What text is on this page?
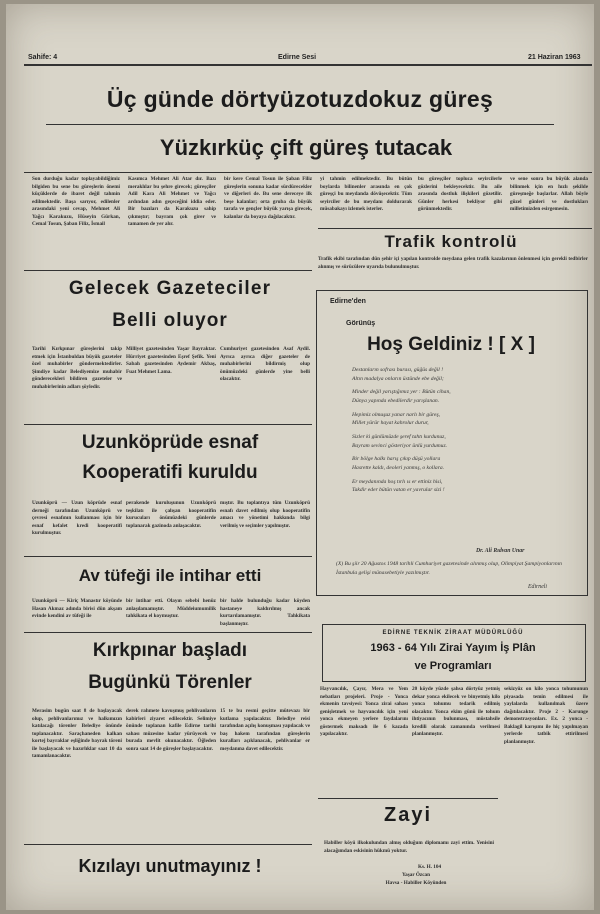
Sahife: 4	Edirne Sesi	21 Haziran 1963
Üç günde dörtyüzotuzdokuz güreş
Yüzkırküç çift güreş tutacak
Son durduğu kadar toplayabildiğimiz bilgiden bu sene bu güreşlerin önemi küçüklerde de ibaret değil tahmin edilmektedir. Başa sarıyor, edilenler arasındaki yeni cevap, Mehmet Ali Yağcı Karakuzu, Hüseyin Gürkan, Cemal Tosun, Şaban Filiz, İsmail
Kasımca Mehmet Ali Atar dır. Bazı meraklılar bu şehre girecek; güreşçiler Adil Kara Ali Mehmet ve Yağcı ardından adın geçeceğini iddia eder. Bir bazıları da Karakuzu sahip çıkmıştır; bayram çok girer ve tamamen de yer alır.
bir kere Cemal Tosun ile Şaban Filiz güreşlerin sonuna kadar sürdürecekler ve diğerleri de. Bu sene dereceye ilk beşe kalanlar; orta gruba da büyük tarafa ve gençler büyük yarışa girecek, kalanlar da boyaya dağılacaktır.
yi tahmin edilmektedir. Bu bütün boylarda bilinenler arasında en çok güreşçi bu meydanda dövüşecektir. Tüm seyirciler de bu meydanı doldurarak müsabakayı izlemek isterler.
bu güreşçiler topluca seyircilerle gözlerini bekleyecektir. Bu aile arasında dostluk ilişkileri gözetilir. Günler herkesi bekliyor gibi görünmektedir.
ve sene sonra bu büyük alanda bilinmek için en hızlı şekilde güreşmeğe başlarlar. Allah böyle güzel günleri ve dostlukları milletimizden esirgemesin.
Trafik kontrolü
Trafik ekibi tarafından dün şehir içi yapılan kontrolde meydana gelen trafik kazalarının önlenmesi için gerekli tedbirler alınmış ve sürücülere uyarıda bulunulmuştur.
Gelecek Gazeteciler
Belli oluyor
Tarihi Kırkpınar güreşlerini takip etmek için İstanbuldan büyük gazeteler özel muhabirler göndermektedirler. Şimdiye kadar Belediyemize muhabir gönderecekleri bildiren gazeteler ve muhabirlerinin adları şöyledir.
Milliyet gazetesinden Yaşar Bayraktar. Hürriyet gazetesinden Eşref Şefik. Yeni Sabah gazetesinden Aydemir Akbaş, Fuat Mehmet Lama.
Cumhuriyet gazetesinden Asaf Aydil. Ayrıca ayrıca diğer gazeteler de muhabirlerini bildirmiş olup önümüzdeki günlerde yine belli olacaktır.
Uzunköprüde esnaf
Kooperatifi kuruldu
Uzunköprü — Uzun köprüde esnaf derneği tarafından Uzunköprü ve çevresi esnafının kullanması için bir esnaf kefalet kredi kooperatifi kurulmuştur.
perakende kuruluşunun Uzunköprü teşkilatı ile çalışan kooperatifin kurucuları önümüzdeki günlerde toplanarak gazinoda anlaşacaktır.
mıştır. Bu toplantıya tüm Uzunköprü esnafı davet edilmiş olup kooperatifin amacı ve yönetimi hakkında bilgi verilmiş ve seçimler yapılmıştır.
Av tüfeği ile intihar etti
Uzunköprü — Kiriç Manastır köyünde Hasan Akmaz adında birisi dün akşam evinde kendini av tüfeği ile
bir intihar etti. Olayın sebebi henüz anlaşılamamıştır. Müddeiumumilik tahkikata el koymuştur.
bir halde bulunduğu kadar köyden hastaneye kaldırılmış ancak kurtarılamamıştır. Tahkikata başlanmıştır.
Kırkpınar başladı
Bugünkü Törenler
Merasim bugün saat 8 de başlayacak olup, pehlivanlarımız ve halkımızın katılacağı törenler Belediye önünde toplanacaktır. Saraçhaneden kalkan kortej bayraklar eşliğinde bayrak töreni ile başlayacak ve hazırlıklar saat 10 da tamamlanacaktır.
derek rahmete kavuşmuş pehlivanların kabirleri ziyaret edilecektir. Selimiye önünde toplanan kafile Edirne tarihi sahası müzesine kadar yürüyecek ve burada mevlit okunacaktır. Öğleden sonra saat 14 de güreşler başlayacaktır.
15 te bu resmi geçitte mütevazı bir kutlama yapılacaktır. Belediye reisi tarafından açılış konuşması yapılacak ve baş hakem tarafından güreşlerin kuralları açıklanacak, pehlivanlar er meydanına davet edilecektir.
Kızılayı unutmayınız !
Edirne'den
Görünüş
Hoş Geldiniz ! [ X ]
Destanların sofrası burası, güğüs değil !
Altın madalya onların üstünde ebe değil;
Minder değil yarıştığımız yer : Bütün cihan,
Dünya yapında ebedilerdir yarışlanan.
Hepimiz olmuşuz yanar narlı bir güreş,
Millet yürür hayat kahrolur durur,
Sizler ki günlümüzde şeref tahtı kurdunuz,
Bayram sevinci gösteriyor ünlü yurdumuz.
Bir bölge halkı harış çıkıp düşü yollara
Hasrette kaldı, deoleri yanmış, o kollara.
Er meydanında hoş tırlı ıs er ettiniz hisi,
Takdir eder bütün vatan er yavrular sizi !
Dr. Ali Rıdvan Unar
(X) Bu şiir 20 Ağustos 1948 tarihli Cumhuriyet gazetesinde alınmış olup, Olimpiyat Şampiyonlarının İstanbula gelişi münasebetiyle yazılmıştır.
Edirneli
EDİRNE TEKNİK ZİRAAT MÜDÜRLÜĞÜ
1963 - 64 Yılı Zirai Yayım İş Plân
ve Programları
Hayvancılık, Çayır, Mera ve Yem nebatları projeleri. Proje - Yonca ekmenin tavsiyesi: Yonca zirai sahası genişletmek ve hayvancılık için yeni yonca ekmeyen yerlere faydalarını göstermek maksadı ile 6 kazada yapılacaktır.
20 köyde yüzde şahsa dörtyüz yetmiş dekar yonca ekilecek ve binyetmiş kilo yonca tohumu tedarik edilmiş olacaktır. Yonca ekim günü ile tohum ihtiyacının bulunması, müstahsile kredili olarak zamanında verilmesi planlanmıştır.
sekizyüz on kilo yonca tohumunun piyasada temin edilmesi ile yaylalarda kullanılmak üzere dağıtılacaktır. Proje 2 - Karunge demonstrasyonları. Ex. 2 yonca - Baklagil karışımı ile hiç yapılmayan yerlerde tatbik ettirilmesi planlanmıştır.
Zayi
Habiller köyü ilkokulundan almış olduğum diplomamı zayi ettim. Yenisini alacağımdan eskisinin hükmü yoktur.
Ks. H. 104
Yaşar Özcan
Havsa - Habiller Köyünden
